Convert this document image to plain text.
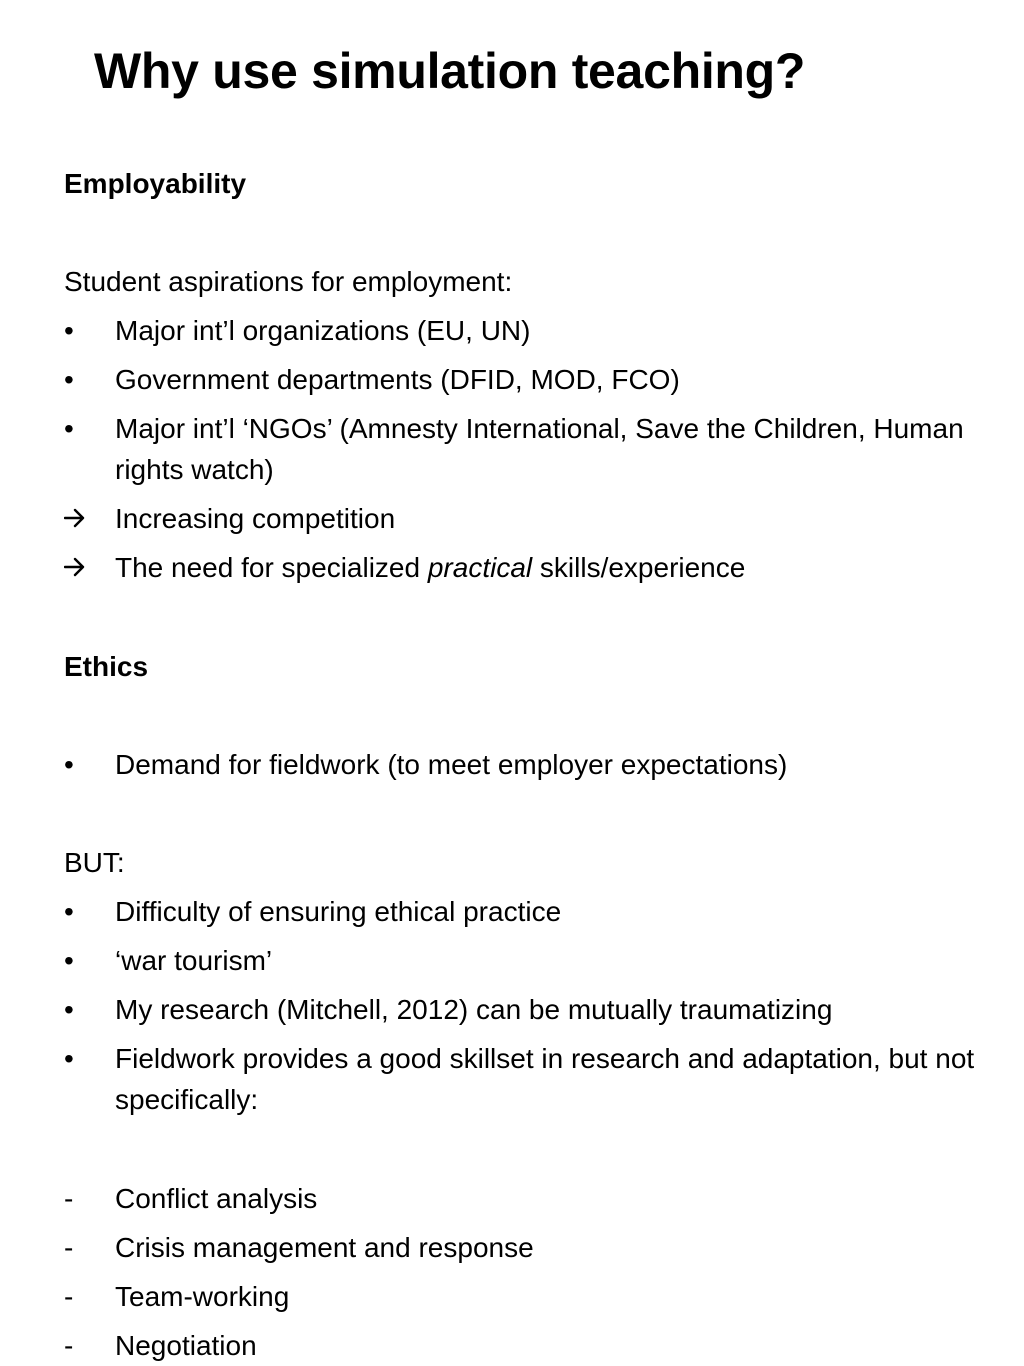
Why use simulation teaching?
Employability
Student aspirations for employment:
•	Major int’l organizations (EU, UN)
•	Government departments (DFID, MOD, FCO)
•	Major int’l ‘NGOs’ (Amnesty International, Save the Children, Human rights watch)
Increasing competition
The need for specialized practical skills/experience
Ethics
•	Demand for fieldwork (to meet employer expectations)
BUT:
•	Difficulty of ensuring ethical practice
•	‘war tourism’
•	My research (Mitchell, 2012) can be mutually traumatizing
•	Fieldwork provides a good skillset in research and adaptation, but not specifically:
-	Conflict analysis
-	Crisis management and response
-	Team-working
-	Negotiation
